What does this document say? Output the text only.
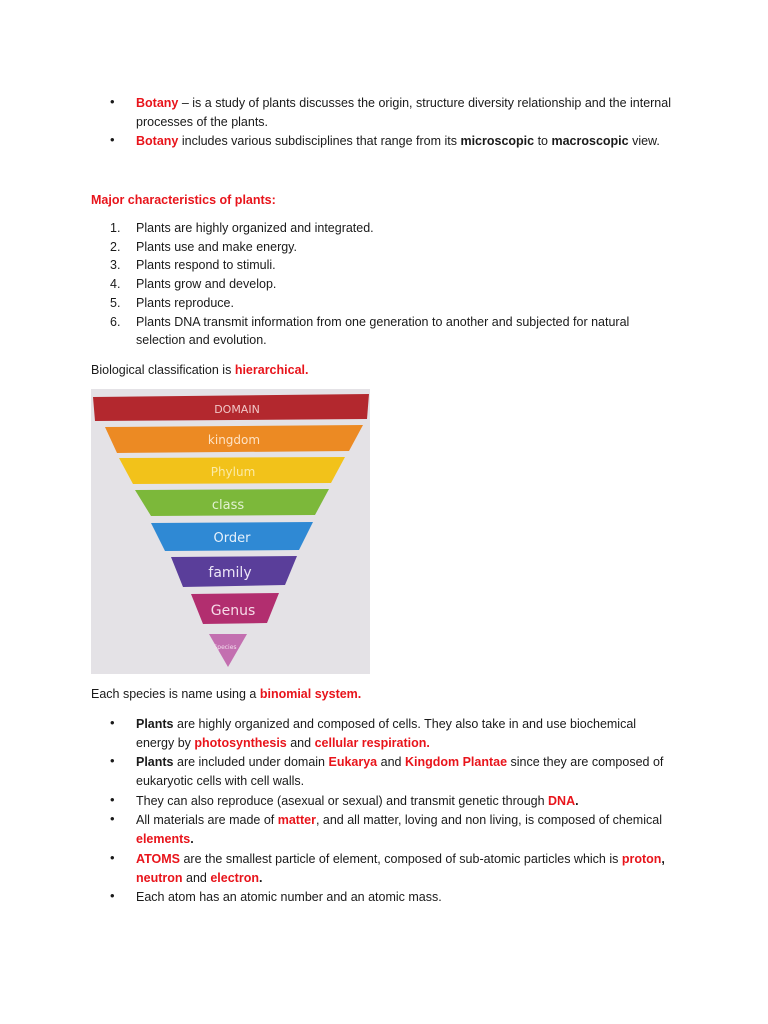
• Botany – is a study of plants discusses the origin, structure diversity relationship and the internal processes of the plants.
• Botany includes various subdisciplines that range from its microscopic to macroscopic view.
Major characteristics of plants:
1. Plants are highly organized and integrated.
2. Plants use and make energy.
3. Plants respond to stimuli.
4. Plants grow and develop.
5. Plants reproduce.
6. Plants DNA transmit information from one generation to another and subjected for natural selection and evolution.
Biological classification is hierarchical.
DOMAIN
kingdom
Phylum
class
Order
family
Genus
Species
Each species is name using a binomial system.
• Plants are highly organized and composed of cells. They also take in and use biochemical energy by photosynthesis and cellular respiration.
• Plants are included under domain Eukarya and Kingdom Plantae since they are composed of eukaryotic cells with cell walls.
• They can also reproduce (asexual or sexual) and transmit genetic through DNA.
• All materials are made of matter, and all matter, loving and non living, is composed of chemical elements.
• ATOMS are the smallest particle of element, composed of sub-atomic particles which is proton, neutron and electron.
• Each atom has an atomic number and an atomic mass.
